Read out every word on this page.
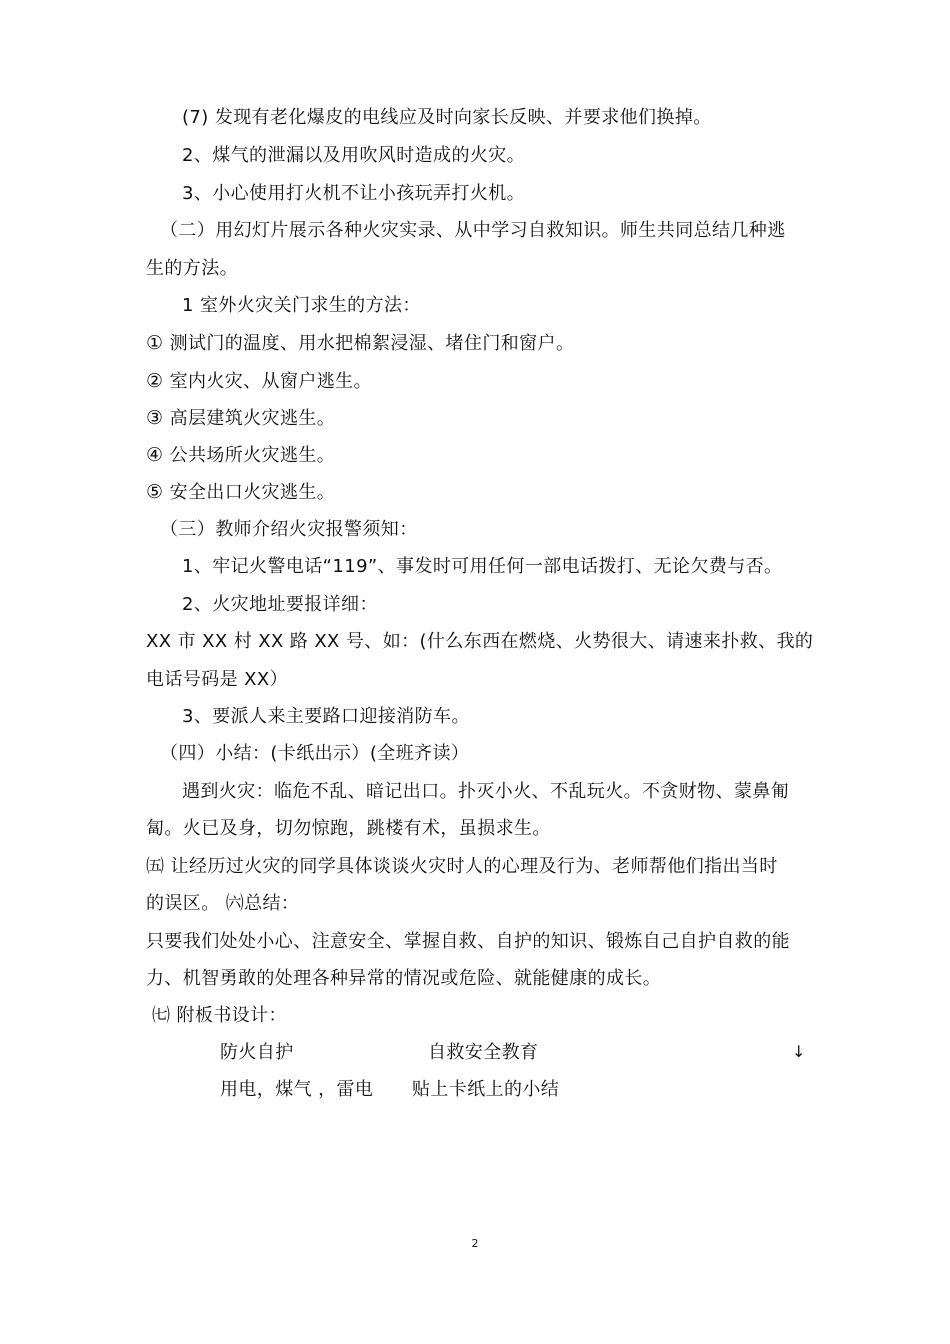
(7) 发现有老化爆皮的电线应及时向家长反映、并要求他们换掉。
2、煤气的泄漏以及用吹风时造成的火灾。
3、小心使用打火机不让小孩玩弄打火机。
（二）用幻灯片展示各种火灾实录、从中学习自救知识。师生共同总结几种逃
生的方法。
1 室外火灾关门求生的方法：
① 测试门的温度、用水把棉絮浸湿、堵住门和窗户。
② 室内火灾、从窗户逃生。
③ 高层建筑火灾逃生。
④ 公共场所火灾逃生。
⑤ 安全出口火灾逃生。
（三）教师介绍火灾报警须知：
1、牢记火警电话“119”、事发时可用任何一部电话拨打、无论欠费与否。
2、火灾地址要报详细：
XX 市 XX 村 XX 路 XX 号、如：(什么东西在燃烧、火势很大、请速来扑救、我的
电话号码是 XX）
3、要派人来主要路口迎接消防车。
（四）小结：(卡纸出示）(全班齐读）
遇到火灾：临危不乱、暗记出口。扑灭小火、不乱玩火。不贪财物、蒙鼻匍
匐。火已及身，切勿惊跑，跳楼有术，虽损求生。
㈤ 让经历过火灾的同学具体谈谈火灾时人的心理及行为、老师帮他们指出当时
的误区。 ㈥总结：
只要我们处处小心、注意安全、掌握自救、自护的知识、锻炼自己自护自救的能
力、机智勇敢的处理各种异常的情况或危险、就能健康的成长。
㈦ 附板书设计：
防火自护	自救安全教育	↓
用电，煤气 ，雷电 贴上卡纸上的小结
2
